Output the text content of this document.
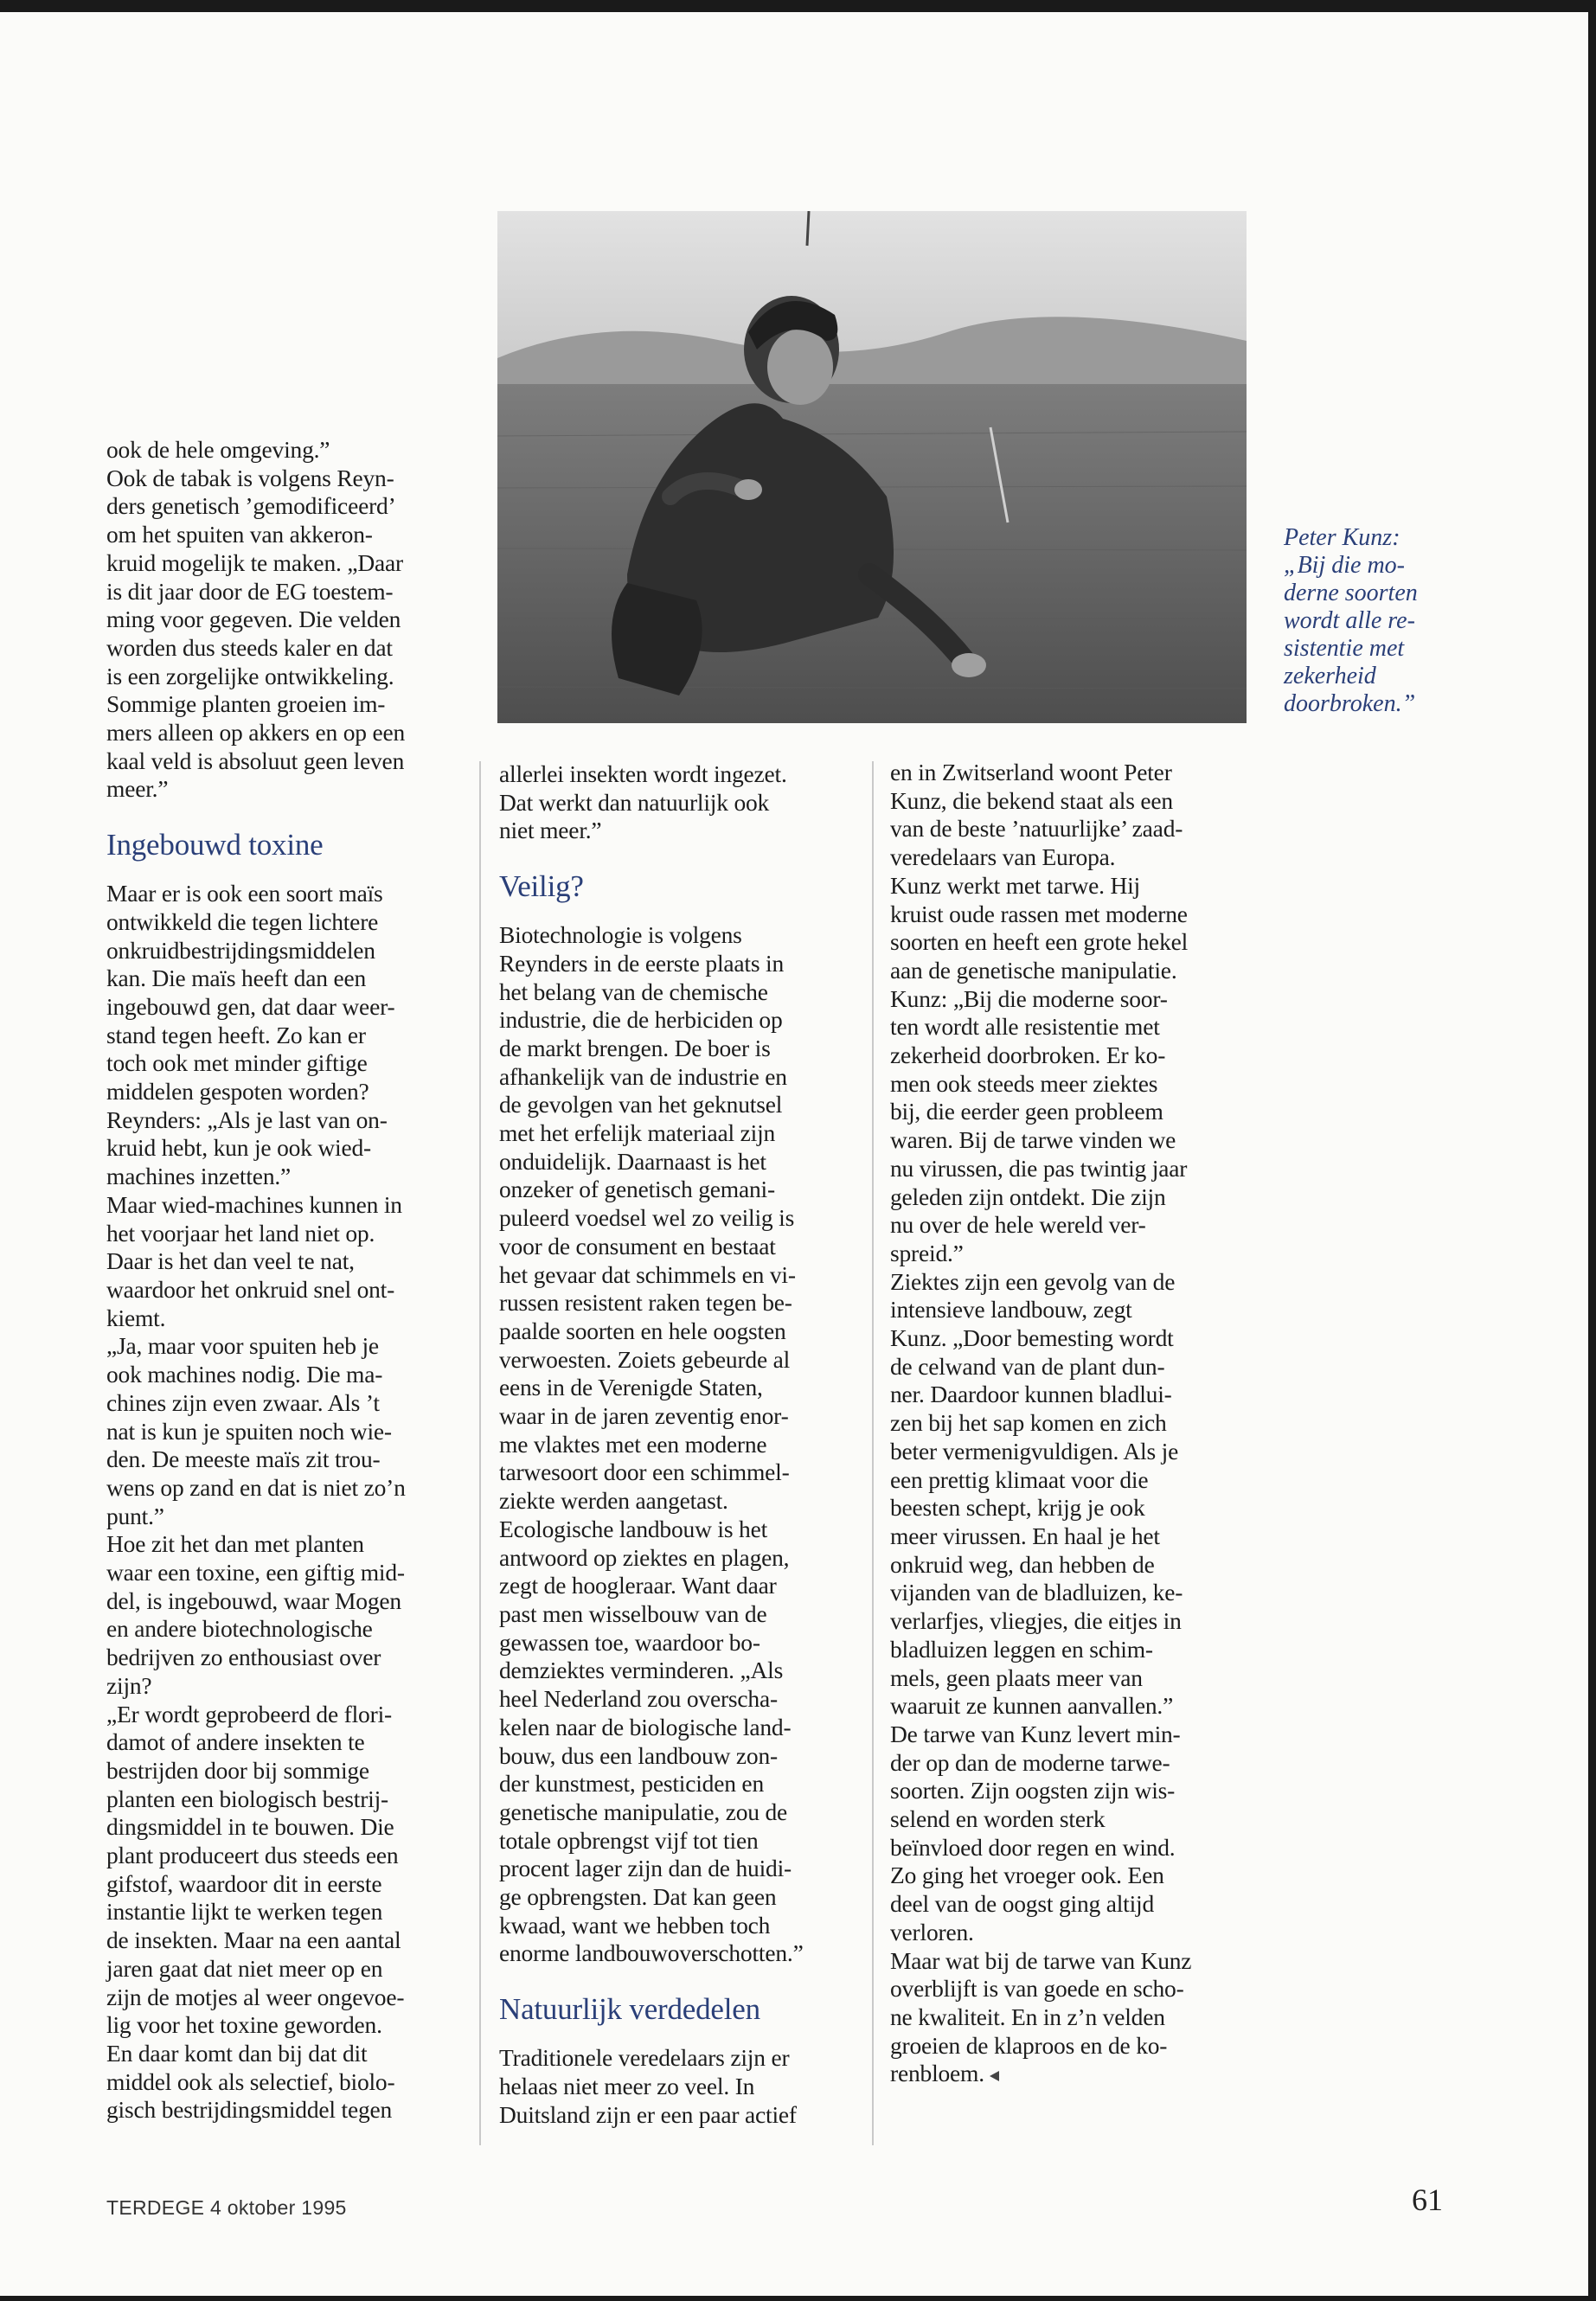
Peter Kunz:

„Bij die mo-

derne soorten

wordt alle re-

sistentie met

zekerheid

doorbroken.”

ook de hele omgeving.”

Ook de tabak is volgens Reyn-

ders genetisch ’gemodificeerd’

om het spuiten van akkeron-

kruid mogelijk te maken. „Daar

is dit jaar door de EG toestem-

ming voor gegeven. Die velden

worden dus steeds kaler en dat

is een zorgelijke ontwikkeling.

Sommige planten groeien im-

mers alleen op akkers en op een

kaal veld is absoluut geen leven

meer.”

Ingebouwd toxine

Maar er is ook een soort maïs

ontwikkeld die tegen lichtere

onkruidbestrijdingsmiddelen

kan. Die maïs heeft dan een

ingebouwd gen, dat daar weer-

stand tegen heeft. Zo kan er

toch ook met minder giftige

middelen gespoten worden?

Reynders: „Als je last van on-

kruid hebt, kun je ook wied-

machines inzetten.”

Maar wied-machines kunnen in

het voorjaar het land niet op.

Daar is het dan veel te nat,

waardoor het onkruid snel ont-

kiemt.

„Ja, maar voor spuiten heb je

ook machines nodig. Die ma-

chines zijn even zwaar. Als ’t

nat is kun je spuiten noch wie-

den. De meeste maïs zit trou-

wens op zand en dat is niet zo’n

punt.”

Hoe zit het dan met planten

waar een toxine, een giftig mid-

del, is ingebouwd, waar Mogen

en andere biotechnologische

bedrijven zo enthousiast over

zijn?

„Er wordt geprobeerd de flori-

damot of andere insekten te

bestrijden door bij sommige

planten een biologisch bestrij-

dingsmiddel in te bouwen. Die

plant produceert dus steeds een

gifstof, waardoor dit in eerste

instantie lijkt te werken tegen

de insekten. Maar na een aantal

jaren gaat dat niet meer op en

zijn de motjes al weer ongevoe-

lig voor het toxine geworden.

En daar komt dan bij dat dit

middel ook als selectief, biolo-

gisch bestrijdingsmiddel tegen

allerlei insekten wordt ingezet.

Dat werkt dan natuurlijk ook

niet meer.”

Veilig?

Biotechnologie is volgens

Reynders in de eerste plaats in

het belang van de chemische

industrie, die de herbiciden op

de markt brengen. De boer is

afhankelijk van de industrie en

de gevolgen van het geknutsel

met het erfelijk materiaal zijn

onduidelijk. Daarnaast is het

onzeker of genetisch gemani-

puleerd voedsel wel zo veilig is

voor de consument en bestaat

het gevaar dat schimmels en vi-

russen resistent raken tegen be-

paalde soorten en hele oogsten

verwoesten. Zoiets gebeurde al

eens in de Verenigde Staten,

waar in de jaren zeventig enor-

me vlaktes met een moderne

tarwesoort door een schimmel-

ziekte werden aangetast.

Ecologische landbouw is het

antwoord op ziektes en plagen,

zegt de hoogleraar. Want daar

past men wisselbouw van de

gewassen toe, waardoor bo-

demziektes verminderen. „Als

heel Nederland zou overscha-

kelen naar de biologische land-

bouw, dus een landbouw zon-

der kunstmest, pesticiden en

genetische manipulatie, zou de

totale opbrengst vijf tot tien

procent lager zijn dan de huidi-

ge opbrengsten. Dat kan geen

kwaad, want we hebben toch

enorme landbouwoverschotten.”

Natuurlijk verdedelen

Traditionele veredelaars zijn er

helaas niet meer zo veel. In

Duitsland zijn er een paar actief

en in Zwitserland woont Peter

Kunz, die bekend staat als een

van de beste ’natuurlijke’ zaad-

veredelaars van Europa.

Kunz werkt met tarwe. Hij

kruist oude rassen met moderne

soorten en heeft een grote hekel

aan de genetische manipulatie.

Kunz: „Bij die moderne soor-

ten wordt alle resistentie met

zekerheid doorbroken. Er ko-

men ook steeds meer ziektes

bij, die eerder geen probleem

waren. Bij de tarwe vinden we

nu virussen, die pas twintig jaar

geleden zijn ontdekt. Die zijn

nu over de hele wereld ver-

spreid.”

Ziektes zijn een gevolg van de

intensieve landbouw, zegt

Kunz. „Door bemesting wordt

de celwand van de plant dun-

ner. Daardoor kunnen bladlui-

zen bij het sap komen en zich

beter vermenigvuldigen. Als je

een prettig klimaat voor die

beesten schept, krijg je ook

meer virussen. En haal je het

onkruid weg, dan hebben de

vijanden van de bladluizen, ke-

verlarfjes, vliegjes, die eitjes in

bladluizen leggen en schim-

mels, geen plaats meer van

waaruit ze kunnen aanvallen.”

De tarwe van Kunz levert min-

der op dan de moderne tarwe-

soorten. Zijn oogsten zijn wis-

selend en worden sterk

beïnvloed door regen en wind.

Zo ging het vroeger ook. Een

deel van de oogst ging altijd

verloren.

Maar wat bij de tarwe van Kunz

overblijft is van goede en scho-

ne kwaliteit. En in z’n velden

groeien de klaproos en de ko-

renbloem.

TERDEGE 4 oktober 1995	61
